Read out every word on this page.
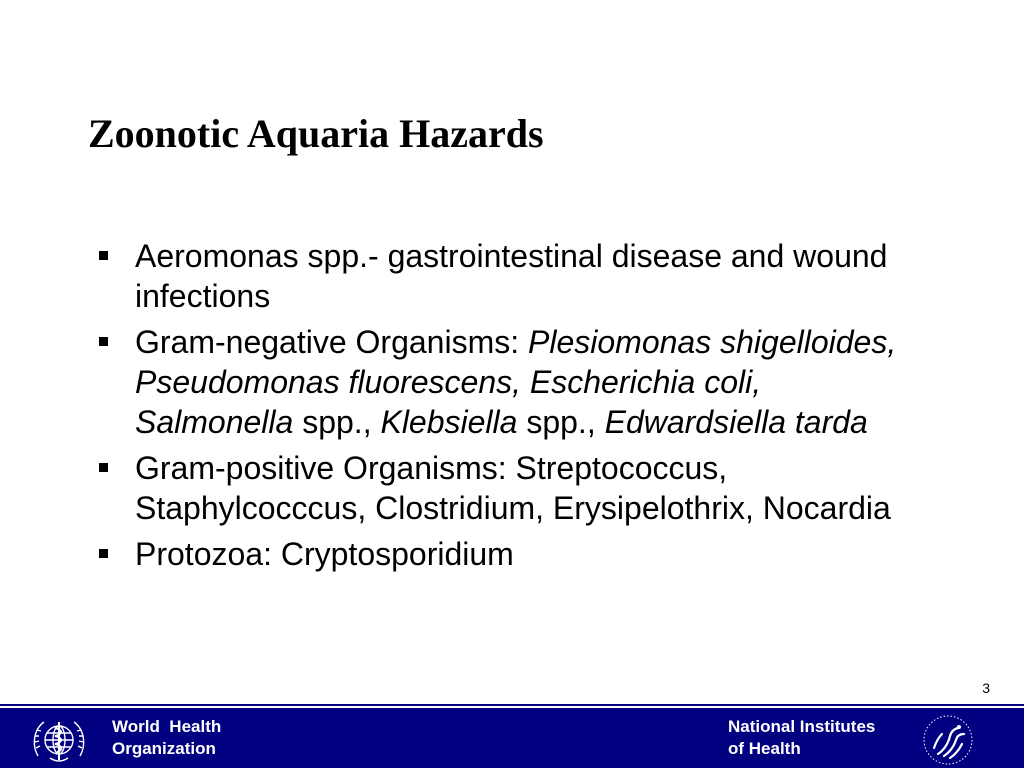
Zoonotic Aquaria Hazards
Aeromonas spp.- gastrointestinal disease and wound infections
Gram-negative Organisms: Plesiomonas shigelloides, Pseudomonas fluorescens, Escherichia coli, Salmonella spp., Klebsiella spp., Edwardsiella tarda
Gram-positive Organisms: Streptococcus, Staphylcocccus, Clostridium, Erysipelothrix, Nocardia
Protozoa: Cryptosporidium
3
World  Health
Organization
National Institutes
of Health
